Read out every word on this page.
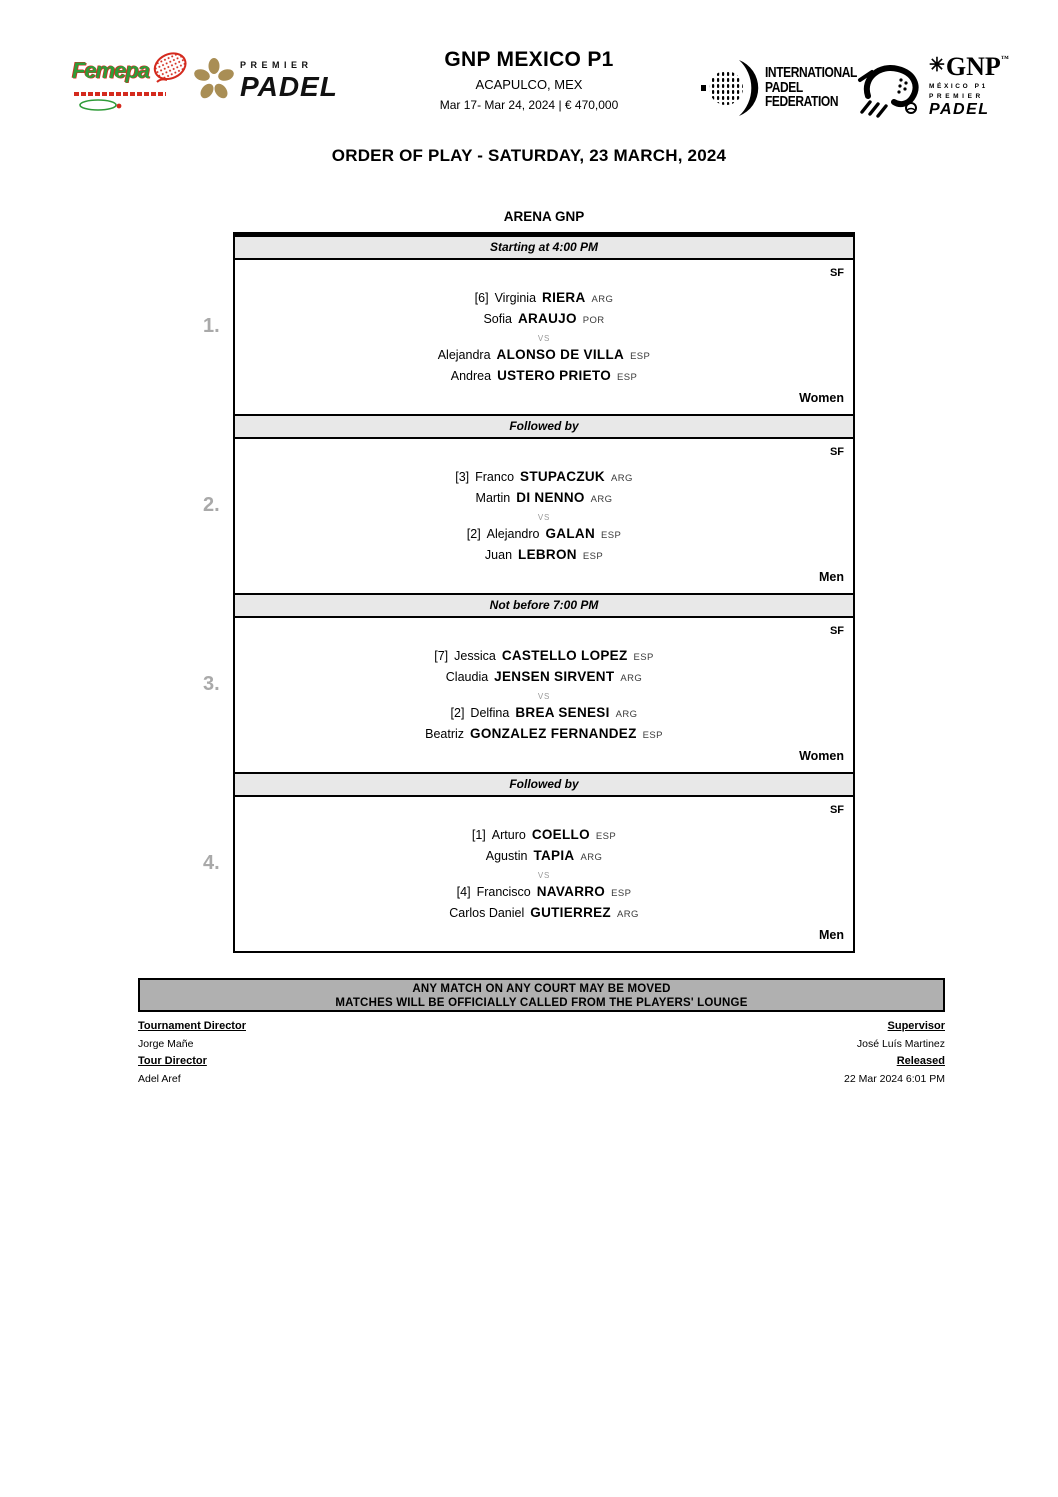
Femepa	PREMIER
PADEL
GNP MEXICO P1
ACAPULCO, MEX
Mar 17- Mar 24, 2024 | € 470,000
INTERNATIONAL
PADEL
FEDERATION
✳ GNP ™
MÉXICO P1
PREMIER
PADEL
ORDER OF PLAY - SATURDAY, 23 MARCH, 2024
ARENA GNP
Starting at 4:00 PM
1.
SF
[6] Virginia RIERA ARG
Sofia ARAUJO POR
VS
Alejandra ALONSO DE VILLA ESP
Andrea USTERO PRIETO ESP
Women
Followed by
2.
SF
[3] Franco STUPACZUK ARG
Martin DI NENNO ARG
VS
[2] Alejandro GALAN ESP
Juan LEBRON ESP
Men
Not before 7:00 PM
3.
SF
[7] Jessica CASTELLO LOPEZ ESP
Claudia JENSEN SIRVENT ARG
VS
[2] Delfina BREA SENESI ARG
Beatriz GONZALEZ FERNANDEZ ESP
Women
Followed by
4.
SF
[1] Arturo COELLO ESP
Agustin TAPIA ARG
VS
[4] Francisco NAVARRO ESP
Carlos Daniel GUTIERREZ ARG
Men
ANY MATCH ON ANY COURT MAY BE MOVED
MATCHES WILL BE OFFICIALLY CALLED FROM THE PLAYERS' LOUNGE
Tournament Director
Jorge Mañe
Tour Director
Adel Aref
Supervisor
José Luís Martinez
Released
22 Mar 2024 6:01 PM
